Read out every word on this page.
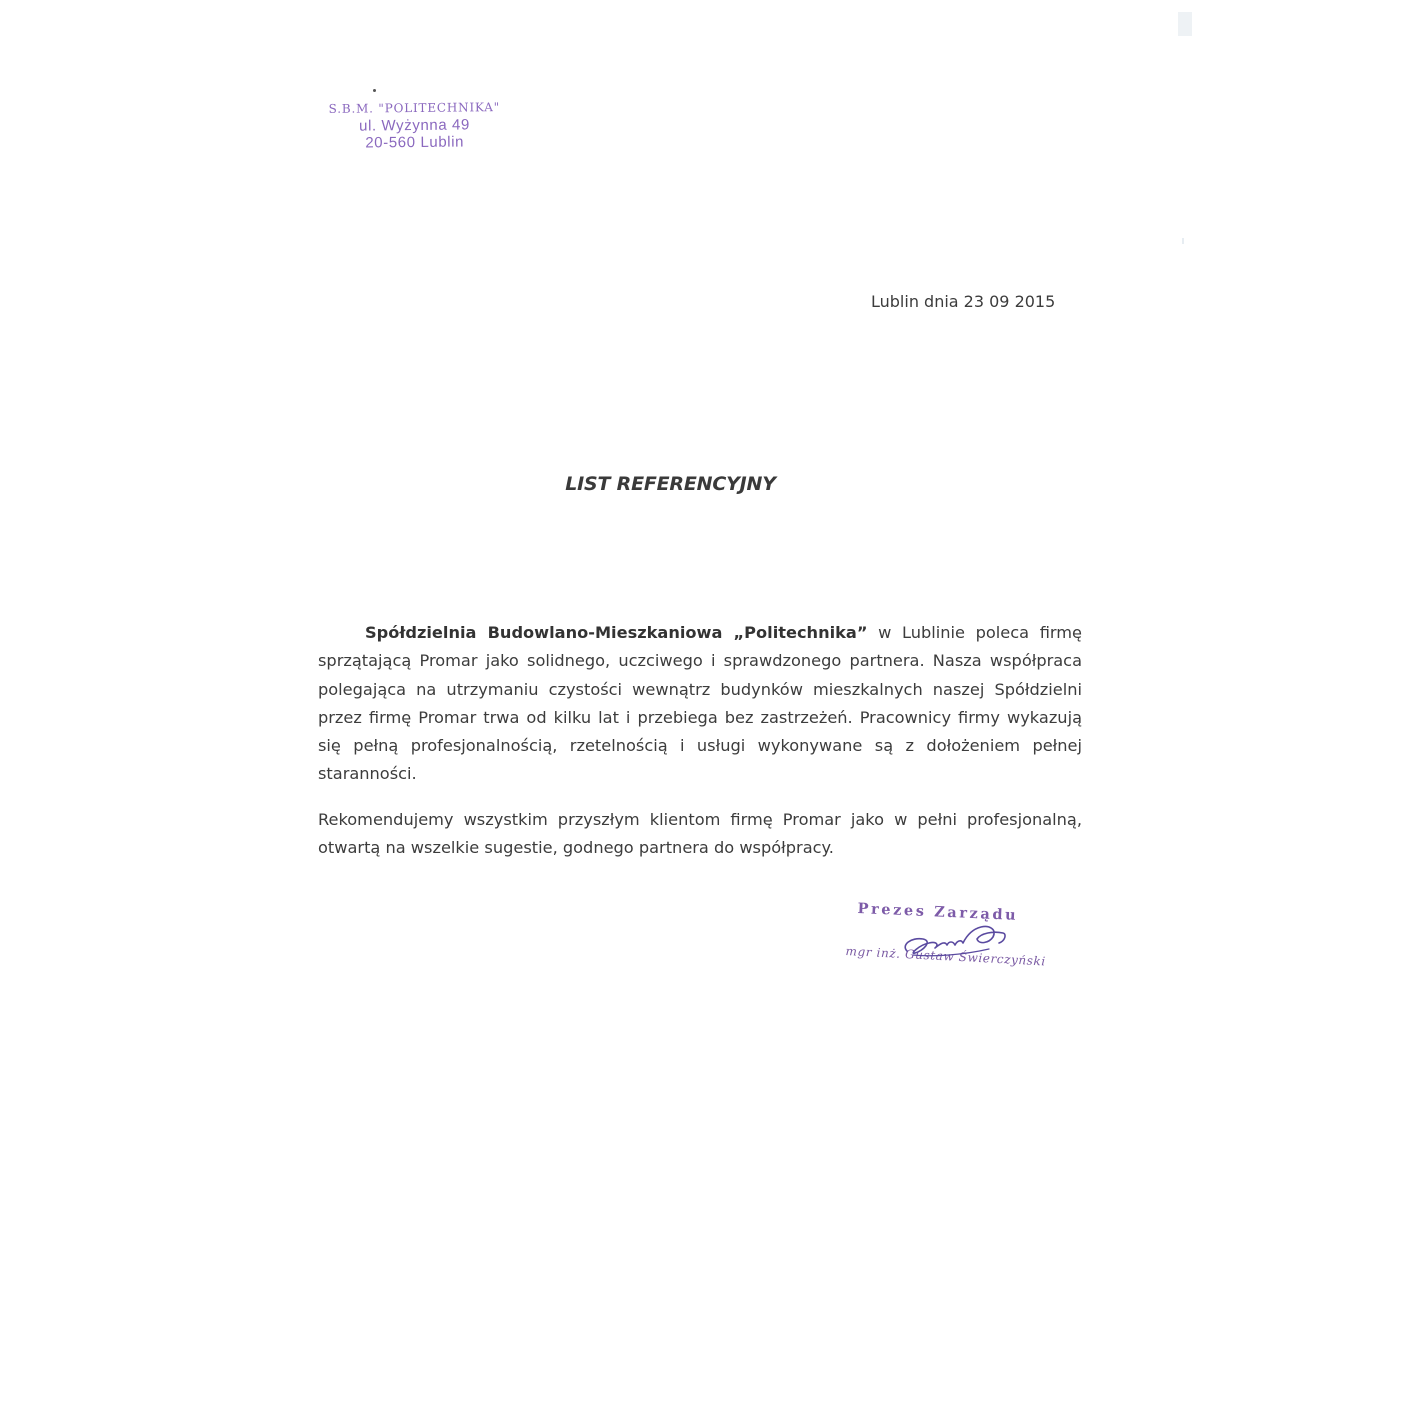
S.B.M. "POLITECHNIKA"
ul. Wyżynna 49
20-560 Lublin
Lublin dnia 23 09 2015
LIST REFERENCYJNY

Spółdzielnia Budowlano-Mieszkaniowa „Politechnika” w Lublinie poleca firmę sprzątającą Promar jako solidnego, uczciwego i sprawdzonego partnera. Nasza współpraca polegająca na utrzymaniu czystości wewnątrz budynków mieszkalnych naszej Spółdzielni przez firmę Promar trwa od kilku lat i przebiega bez zastrzeżeń. Pracownicy firmy wykazują się pełną profesjonalnością, rzetelnością i usługi wykonywane są z dołożeniem pełnej staranności.

Rekomendujemy wszystkim przyszłym klientom firmę Promar jako w pełni profesjonalną, otwartą na wszelkie sugestie, godnego partnera do współpracy.

Prezes Zarządu
mgr inż. Gustaw Świerczyński
